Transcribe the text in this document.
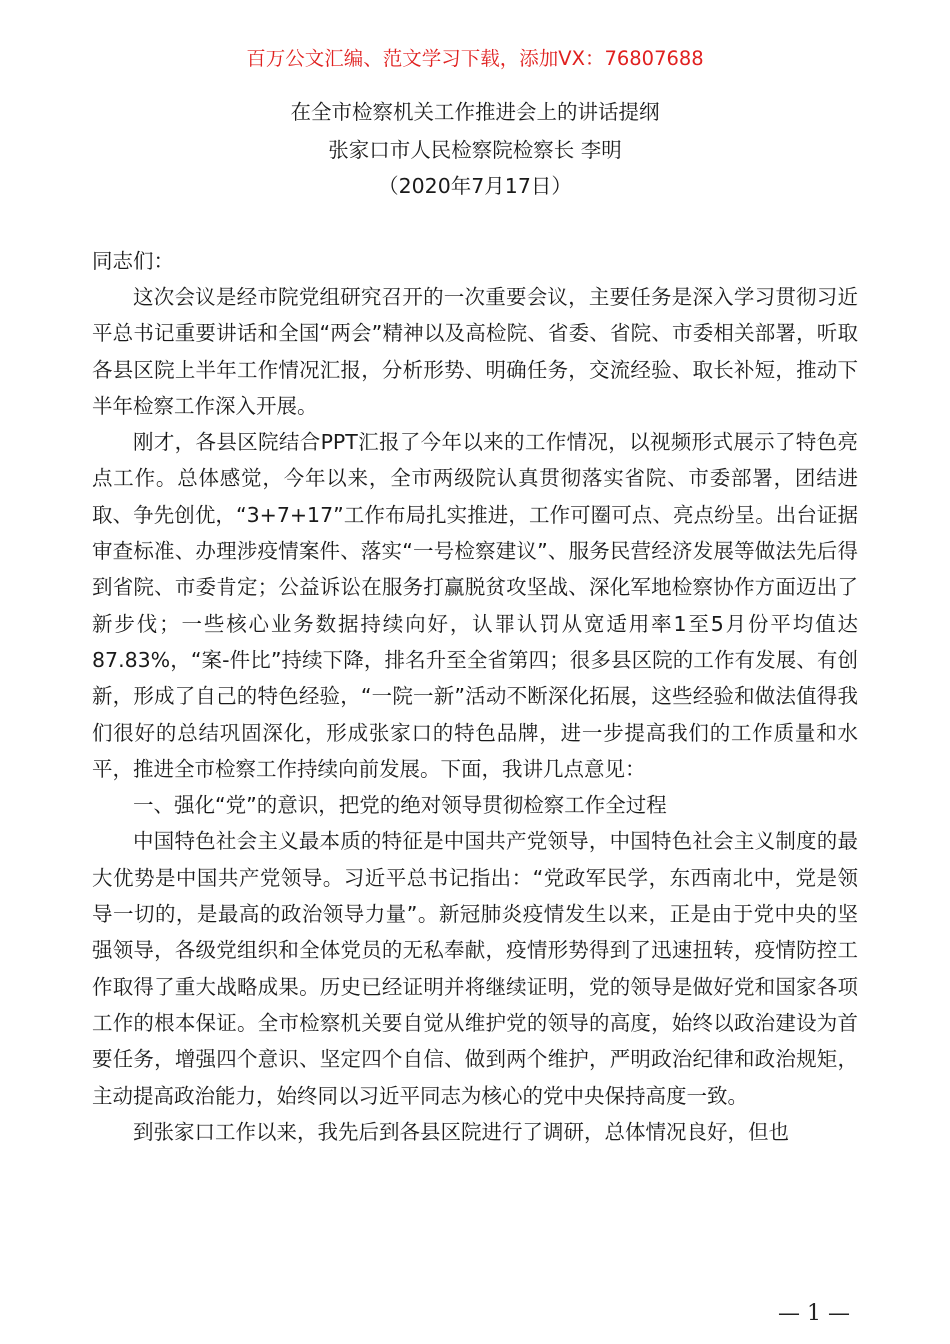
百万公文汇编、范文学习下载，添加VX：76807688
在全市检察机关工作推进会上的讲话提纲
张家口市人民检察院检察长 李明
（2020年7月17日）
同志们：

这次会议是经市院党组研究召开的一次重要会议，主要任务是深入学习贯彻习近平总书记重要讲话和全国“两会”精神以及高检院、省委、省院、市委相关部署，听取各县区院上半年工作情况汇报，分析形势、明确任务，交流经验、取长补短，推动下半年检察工作深入开展。

刚才，各县区院结合PPT汇报了今年以来的工作情况，以视频形式展示了特色亮点工作。总体感觉，今年以来，全市两级院认真贯彻落实省院、市委部署，团结进取、争先创优，“3+7+17”工作布局扎实推进，工作可圈可点、亮点纷呈。出台证据审查标准、办理涉疫情案件、落实“一号检察建议”、服务民营经济发展等做法先后得到省院、市委肯定；公益诉讼在服务打赢脱贫攻坚战、深化军地检察协作方面迈出了新步伐；一些核心业务数据持续向好，认罪认罚从宽适用率1至5月份平均值达87.83%，“案-件比”持续下降，排名升至全省第四；很多县区院的工作有发展、有创新，形成了自己的特色经验，“一院一新”活动不断深化拓展，这些经验和做法值得我们很好的总结巩固深化，形成张家口的特色品牌，进一步提高我们的工作质量和水平，推进全市检察工作持续向前发展。下面，我讲几点意见：

一、强化“党”的意识，把党的绝对领导贯彻检察工作全过程

中国特色社会主义最本质的特征是中国共产党领导，中国特色社会主义制度的最大优势是中国共产党领导。习近平总书记指出：“党政军民学，东西南北中，党是领导一切的，是最高的政治领导力量”。新冠肺炎疫情发生以来，正是由于党中央的坚强领导，各级党组织和全体党员的无私奉献，疫情形势得到了迅速扭转，疫情防控工作取得了重大战略成果。历史已经证明并将继续证明，党的领导是做好党和国家各项工作的根本保证。全市检察机关要自觉从维护党的领导的高度，始终以政治建设为首要任务，增强四个意识、坚定四个自信、做到两个维护，严明政治纪律和政治规矩，主动提高政治能力，始终同以习近平同志为核心的党中央保持高度一致。

到张家口工作以来，我先后到各县区院进行了调研，总体情况良好，但也

— 1 —
